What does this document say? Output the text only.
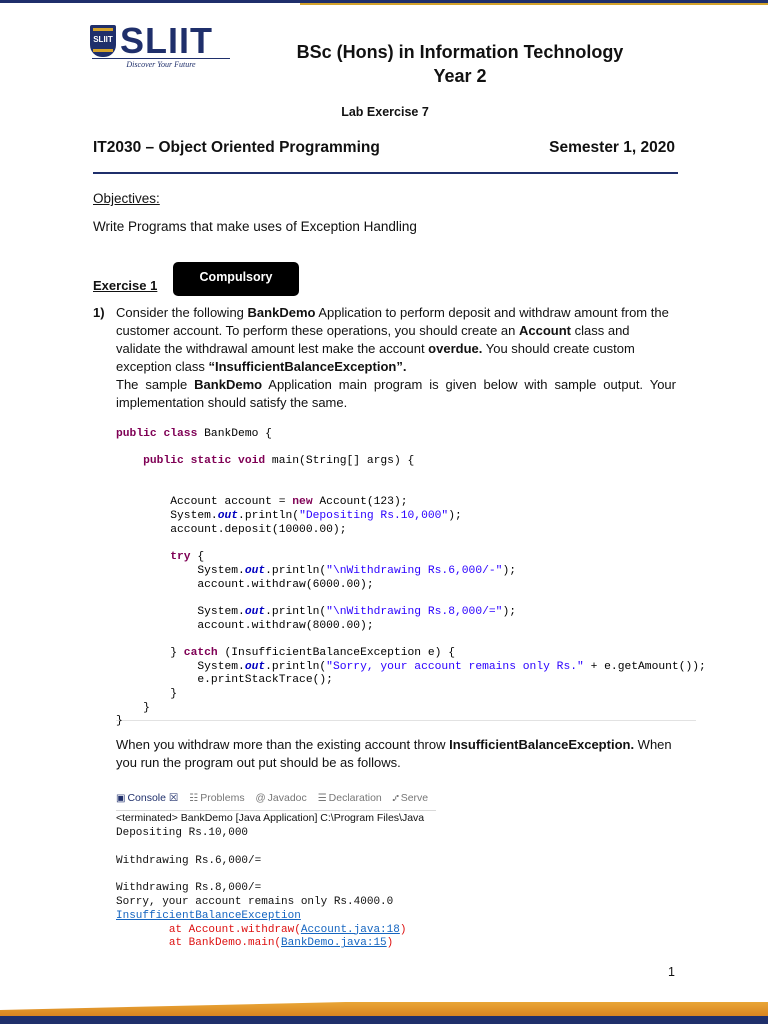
SLIIT SLIIT
Discover Your Future
BSc (Hons) in Information Technology
Year 2
Lab Exercise 7
IT2030 – Object Oriented Programming	Semester 1, 2020
Objectives:
Write Programs that make uses of Exception Handling
Exercise 1
Compulsory
1) Consider the following BankDemo Application to perform deposit and withdraw amount from the customer account. To perform these operations, you should create an Account class and validate the withdrawal amount lest make the account overdue. You should create custom exception class “InsufficientBalanceException”.
The sample BankDemo Application main program is given below with sample output. Your implementation should satisfy the same.
public class BankDemo {

public static void main(String[] args) {

Account account = new Account(123);
System.out.println("Depositing Rs.10,000");
account.deposit(10000.00);

try {
System.out.println("\nWithdrawing Rs.6,000/-");
account.withdraw(6000.00);

System.out.println("\nWithdrawing Rs.8,000/=");
account.withdraw(8000.00);

} catch (InsufficientBalanceException e) {
System.out.println("Sorry, your account remains only Rs." + e.getAmount());
e.printStackTrace();
}
}
}
When you withdraw more than the existing account throw InsufficientBalanceException. When you run the program out put should be as follows.
▣ Console ☒ ☷ Problems @ Javadoc ☰ Declaration ⑇ Serve
<terminated> BankDemo [Java Application] C:\Program Files\Java
Depositing Rs.10,000

Withdrawing Rs.6,000/=

Withdrawing Rs.8,000/=
Sorry, your account remains only Rs.4000.0
InsufficientBalanceException
	at Account.withdraw(Account.java:18)
	at BankDemo.main(BankDemo.java:15)
1
